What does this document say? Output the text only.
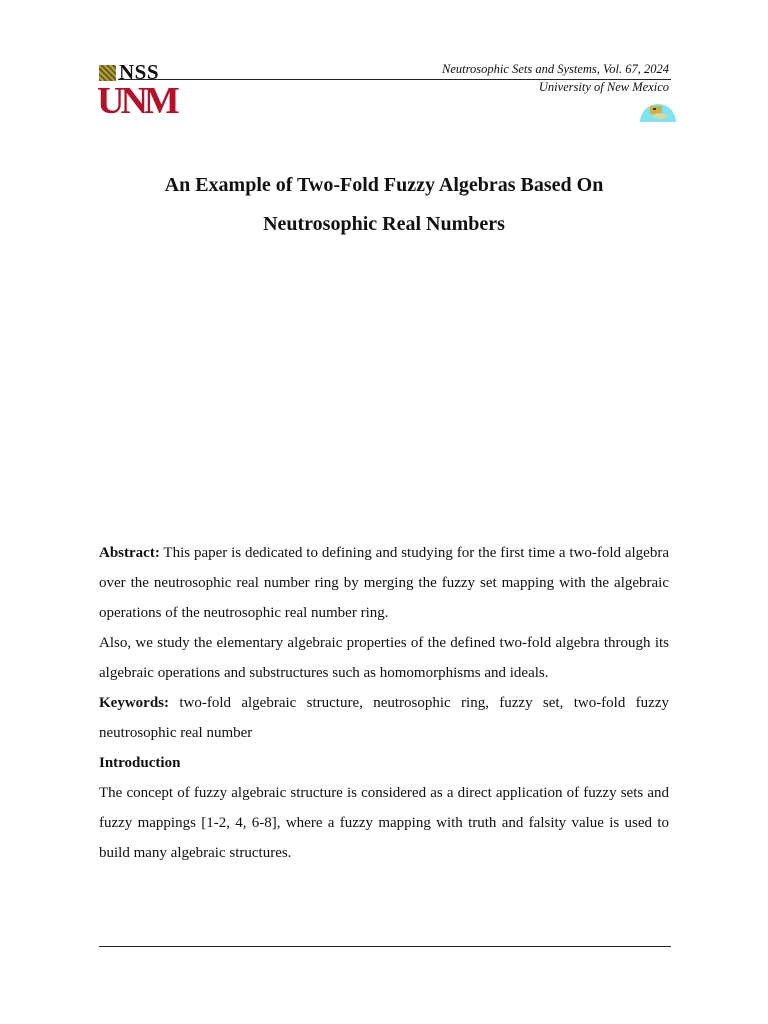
NSS
UNM
Neutrosophic Sets and Systems, Vol. 67, 2024
University of New Mexico
An Example of Two-Fold Fuzzy Algebras Based On
Neutrosophic Real Numbers

Abstract: This paper is dedicated to defining and studying for the first time a two-fold algebra over the neutrosophic real number ring by merging the fuzzy set mapping with the algebraic operations of the neutrosophic real number ring.

Also, we study the elementary algebraic properties of the defined two-fold algebra through its algebraic operations and substructures such as homomorphisms and ideals.

Keywords: two-fold algebraic structure, neutrosophic ring, fuzzy set, two-fold fuzzy neutrosophic real number

Introduction

The concept of fuzzy algebraic structure is considered as a direct application of fuzzy sets and fuzzy mappings [1-2, 4, 6-8], where a fuzzy mapping with truth and falsity value is used to build many algebraic structures.
